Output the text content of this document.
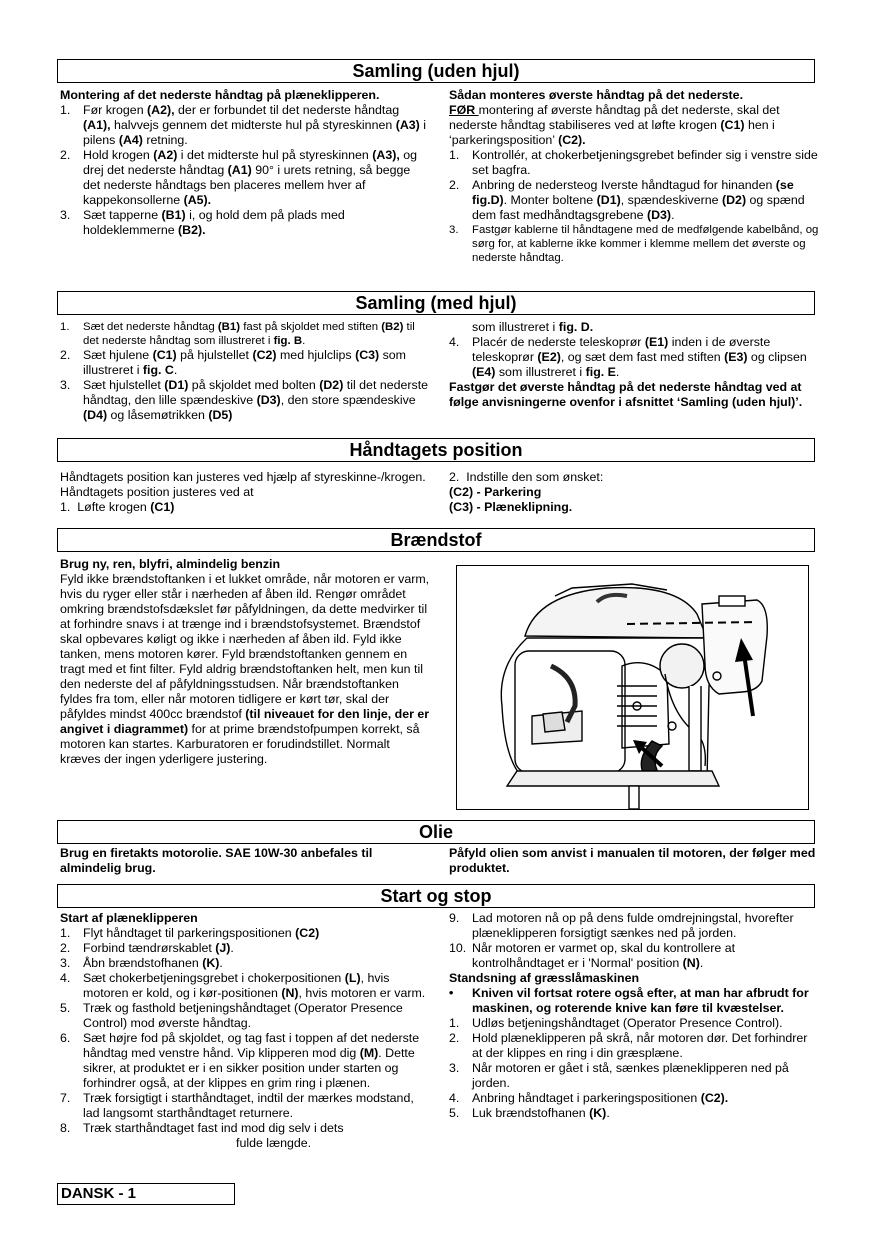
Samling (uden hjul)

Montering af det nederste håndtag på plæneklipperen.

1. Før krogen (A2), der er forbundet til det nederste håndtag (A1), halvvejs gennem det midterste hul på styreskinnen (A3) i pilens (A4) retning.
2. Hold krogen (A2) i det midterste hul på styreskinnen (A3), og drej det nederste håndtag (A1) 90° i urets retning, så begge det nederste håndtags ben placeres mellem hver af kappekonsollerne (A5).
3. Sæt tapperne (B1) i, og hold dem på plads med holdeklemmerne (B2).

Sådan monteres øverste håndtag på det nederste.

FØR montering af øverste håndtag på det nederste, skal det nederste håndtag stabiliseres ved at løfte krogen (C1) hen i ‘parkeringsposition’ (C2).

1. Kontrollér, at chokerbetjeningsgrebet befinder sig i venstre side set bagfra.
2. Anbring de nedersteog Iverste håndtagud for hinanden (se fig.D). Monter boltene (D1), spændeskiverne (D2) og spænd dem fast medhåndtagsgrebene (D3).
3. Fastgør kablerne til håndtagene med de medfølgende kabelbånd, og sørg for, at kablerne ikke kommer i klemme mellem det øverste og nederste håndtag.
Samling (med hjul)
1. Sæt det nederste håndtag (B1) fast på skjoldet med stiften (B2) til det nederste håndtag som illustreret i fig. B.
2. Sæt hjulene (C1) på hjulstellet (C2) med hjulclips (C3) som illustreret i fig. C.
3. Sæt hjulstellet (D1) på skjoldet med bolten (D2) til det nederste håndtag, den lille spændeskive (D3), den store spændeskive (D4) og låsemøtrikken (D5)

som illustreret i fig. D.

4. Placér de nederste teleskoprør (E1) inden i de øverste teleskoprør (E2), og sæt dem fast med stiften (E3) og clipsen (E4) som illustreret i fig. E.

Fastgør det øverste håndtag på det nederste håndtag ved at følge anvisningerne ovenfor i afsnittet ‘Samling (uden hjul)’.

Håndtagets position

Håndtagets position kan justeres ved hjælp af styreskinne-/krogen. Håndtagets position justeres ved at

1. Løfte krogen (C1)

2. Indstille den som ønsket:

(C2) - Parkering

(C3) - Plæneklipning.

Brændstof

Brug ny, ren, blyfri, almindelig benzin

Fyld ikke brændstoftanken i et lukket område, når motoren er varm, hvis du ryger eller står i nærheden af åben ild. Rengør området omkring brændstofsdækslet før påfyldningen, da dette medvirker til at forhindre snavs i at trænge ind i brændstofsystemet. Brændstof skal opbevares køligt og ikke i nærheden af åben ild. Fyld ikke tanken, mens motoren kører. Fyld brændstoftanken gennem en tragt med et fint filter. Fyld aldrig brændstoftanken helt, men kun til den nederste del af påfyldningsstudsen. Når brændstoftanken fyldes fra tom, eller når motoren tidligere er kørt tør, skal der påfyldes mindst 400cc brændstof (til niveauet for den linje, der er angivet i diagrammet) for at prime brændstofpumpen korrekt, så motoren kan startes. Karburatoren er forudindstillet. Normalt kræves der ingen yderligere justering.

Olie
Brug en firetakts motorolie. SAE 10W-30 anbefales til almindelig brug.
Påfyld olien som anvist i manualen til motoren, der følger med produktet.
Start og stop

Start af plæneklipperen

1. Flyt håndtaget til parkeringspositionen (C2)
2. Forbind tændrørskablet (J).
3. Åbn brændstofhanen (K).
4. Sæt chokerbetjeningsgrebet i chokerpositionen (L), hvis motoren er kold, og i kør-positionen (N), hvis motoren er varm.
5. Træk og fasthold betjeningshåndtaget (Operator Presence Control) mod øverste håndtag.
6. Sæt højre fod på skjoldet, og tag fast i toppen af det nederste håndtag med venstre hånd. Vip klipperen mod dig (M). Dette sikrer, at produktet er i en sikker position under starten og forhindrer også, at der klippes en grim ring i plænen.
7. Træk forsigtigt i starthåndtaget, indtil der mærkes modstand, lad langsomt starthåndtaget returnere.
8. Træk starthåndtaget fast ind mod dig selv i dets
fulde længde.
9. Lad motoren nå op på dens fulde omdrejningstal, hvorefter plæneklipperen forsigtigt sænkes ned på jorden.
10. Når motoren er varmet op, skal du kontrollere at kontrolhåndtaget er i 'Normal' position (N).

Standsning af græsslåmaskinen

• Kniven vil fortsat rotere også efter, at man har afbrudt for maskinen, og roterende knive kan føre til kvæstelser.
1. Udløs betjeningshåndtaget (Operator Presence Control).
2. Hold plæneklipperen på skrå, når motoren dør. Det forhindrer at der klippes en ring i din græsplæne.
3. Når motoren er gået i stå, sænkes plæneklipperen ned på jorden.
4. Anbring håndtaget i parkeringspositionen (C2).
5. Luk brændstofhanen (K).
DANSK - 1
